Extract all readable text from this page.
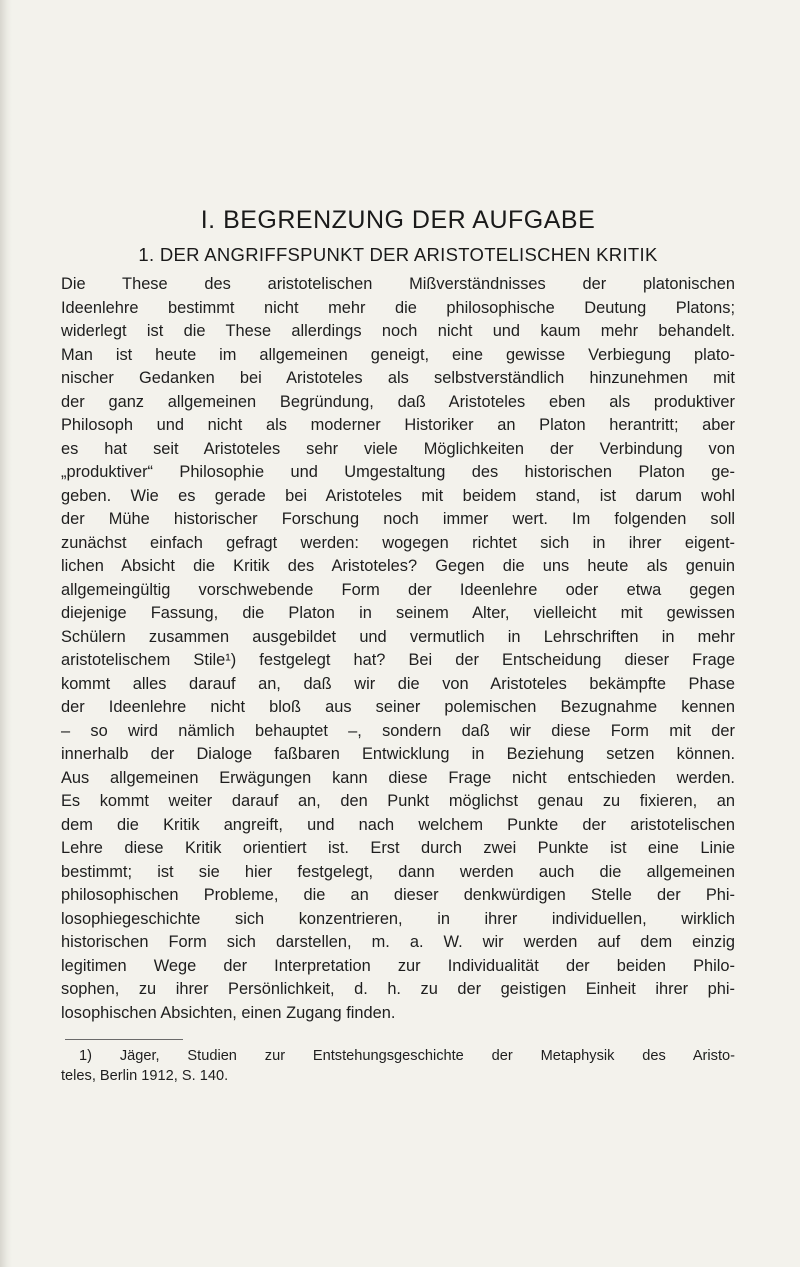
I. BEGRENZUNG DER AUFGABE
1. DER ANGRIFFSPUNKT DER ARISTOTELISCHEN KRITIK
Die These des aristotelischen Mißverständnisses der platonischen
Ideenlehre bestimmt nicht mehr die philosophische Deutung Platons;
widerlegt ist die These allerdings noch nicht und kaum mehr behandelt.
Man ist heute im allgemeinen geneigt, eine gewisse Verbiegung plato-
nischer Gedanken bei Aristoteles als selbstverständlich hinzunehmen mit
der ganz allgemeinen Begründung, daß Aristoteles eben als produktiver
Philosoph und nicht als moderner Historiker an Platon herantritt; aber
es hat seit Aristoteles sehr viele Möglichkeiten der Verbindung von
„produktiver“ Philosophie und Umgestaltung des historischen Platon ge-
geben. Wie es gerade bei Aristoteles mit beidem stand, ist darum wohl
der Mühe historischer Forschung noch immer wert. Im folgenden soll
zunächst einfach gefragt werden: wogegen richtet sich in ihrer eigent-
lichen Absicht die Kritik des Aristoteles? Gegen die uns heute als genuin
allgemeingültig vorschwebende Form der Ideenlehre oder etwa gegen
diejenige Fassung, die Platon in seinem Alter, vielleicht mit gewissen
Schülern zusammen ausgebildet und vermutlich in Lehrschriften in mehr
aristotelischem Stile¹) festgelegt hat? Bei der Entscheidung dieser Frage
kommt alles darauf an, daß wir die von Aristoteles bekämpfte Phase
der Ideenlehre nicht bloß aus seiner polemischen Bezugnahme kennen
– so wird nämlich behauptet –, sondern daß wir diese Form mit der
innerhalb der Dialoge faßbaren Entwicklung in Beziehung setzen können.
Aus allgemeinen Erwägungen kann diese Frage nicht entschieden werden.
Es kommt weiter darauf an, den Punkt möglichst genau zu fixieren, an
dem die Kritik angreift, und nach welchem Punkte der aristotelischen
Lehre diese Kritik orientiert ist. Erst durch zwei Punkte ist eine Linie
bestimmt; ist sie hier festgelegt, dann werden auch die allgemeinen
philosophischen Probleme, die an dieser denkwürdigen Stelle der Phi-
losophiegeschichte sich konzentrieren, in ihrer individuellen, wirklich
historischen Form sich darstellen, m. a. W. wir werden auf dem einzig
legitimen Wege der Interpretation zur Individualität der beiden Philo-
sophen, zu ihrer Persönlichkeit, d. h. zu der geistigen Einheit ihrer phi-
losophischen Absichten, einen Zugang finden.
1) Jäger, Studien zur Entstehungsgeschichte der Metaphysik des Aristo-
teles, Berlin 1912, S. 140.
